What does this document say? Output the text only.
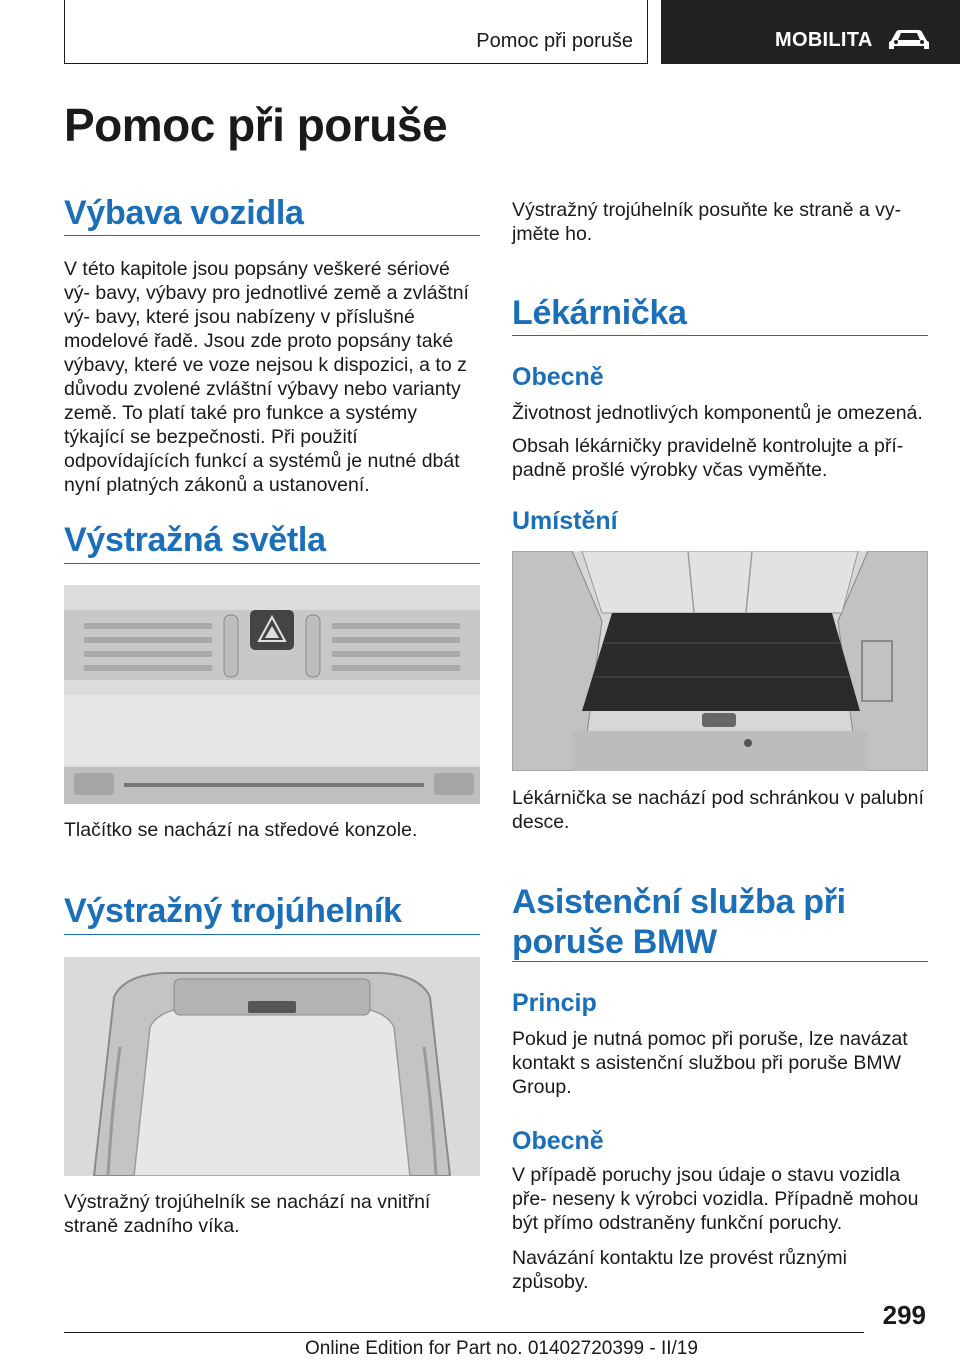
Pomoc při poruše	MOBILITA
Pomoc při poruše
Výbava vozidla

V této kapitole jsou popsány veškeré sériové vý‐ bavy, výbavy pro jednotlivé země a zvláštní vý‐ bavy, které jsou nabízeny v příslušné modelové řadě. Jsou zde proto popsány také výbavy, které ve voze nejsou k dispozici, a to z důvodu zvolené zvláštní výbavy nebo varianty země. To platí také pro funkce a systémy týkající se bezpečnosti. Při použití odpovídajících funkcí a systémů je nutné dbát nyní platných zákonů a ustanovení.

Výstražná světla

Tlačítko se nachází na středové konzole.

Výstražný trojúhelník

Výstražný trojúhelník se nachází na vnitřní straně zadního víka.

Výstražný trojúhelník posuňte ke straně a vy‐ jměte ho.

Lékárnička
Obecně

Životnost jednotlivých komponentů je omezená.

Obsah lékárničky pravidelně kontrolujte a pří‐ padně prošlé výrobky včas vyměňte.

Umístění

Lékárnička se nachází pod schránkou v palubní desce.

Asistenční služba při poruše BMW
Princip

Pokud je nutná pomoc při poruše, lze navázat kontakt s asistenční službou při poruše BMW Group.

Obecně

V případě poruchy jsou údaje o stavu vozidla pře‐ neseny k výrobci vozidla. Případně mohou být přímo odstraněny funkční poruchy.

Navázání kontaktu lze provést různými způsoby.

299
Online Edition for Part no. 01402720399 - II/19
